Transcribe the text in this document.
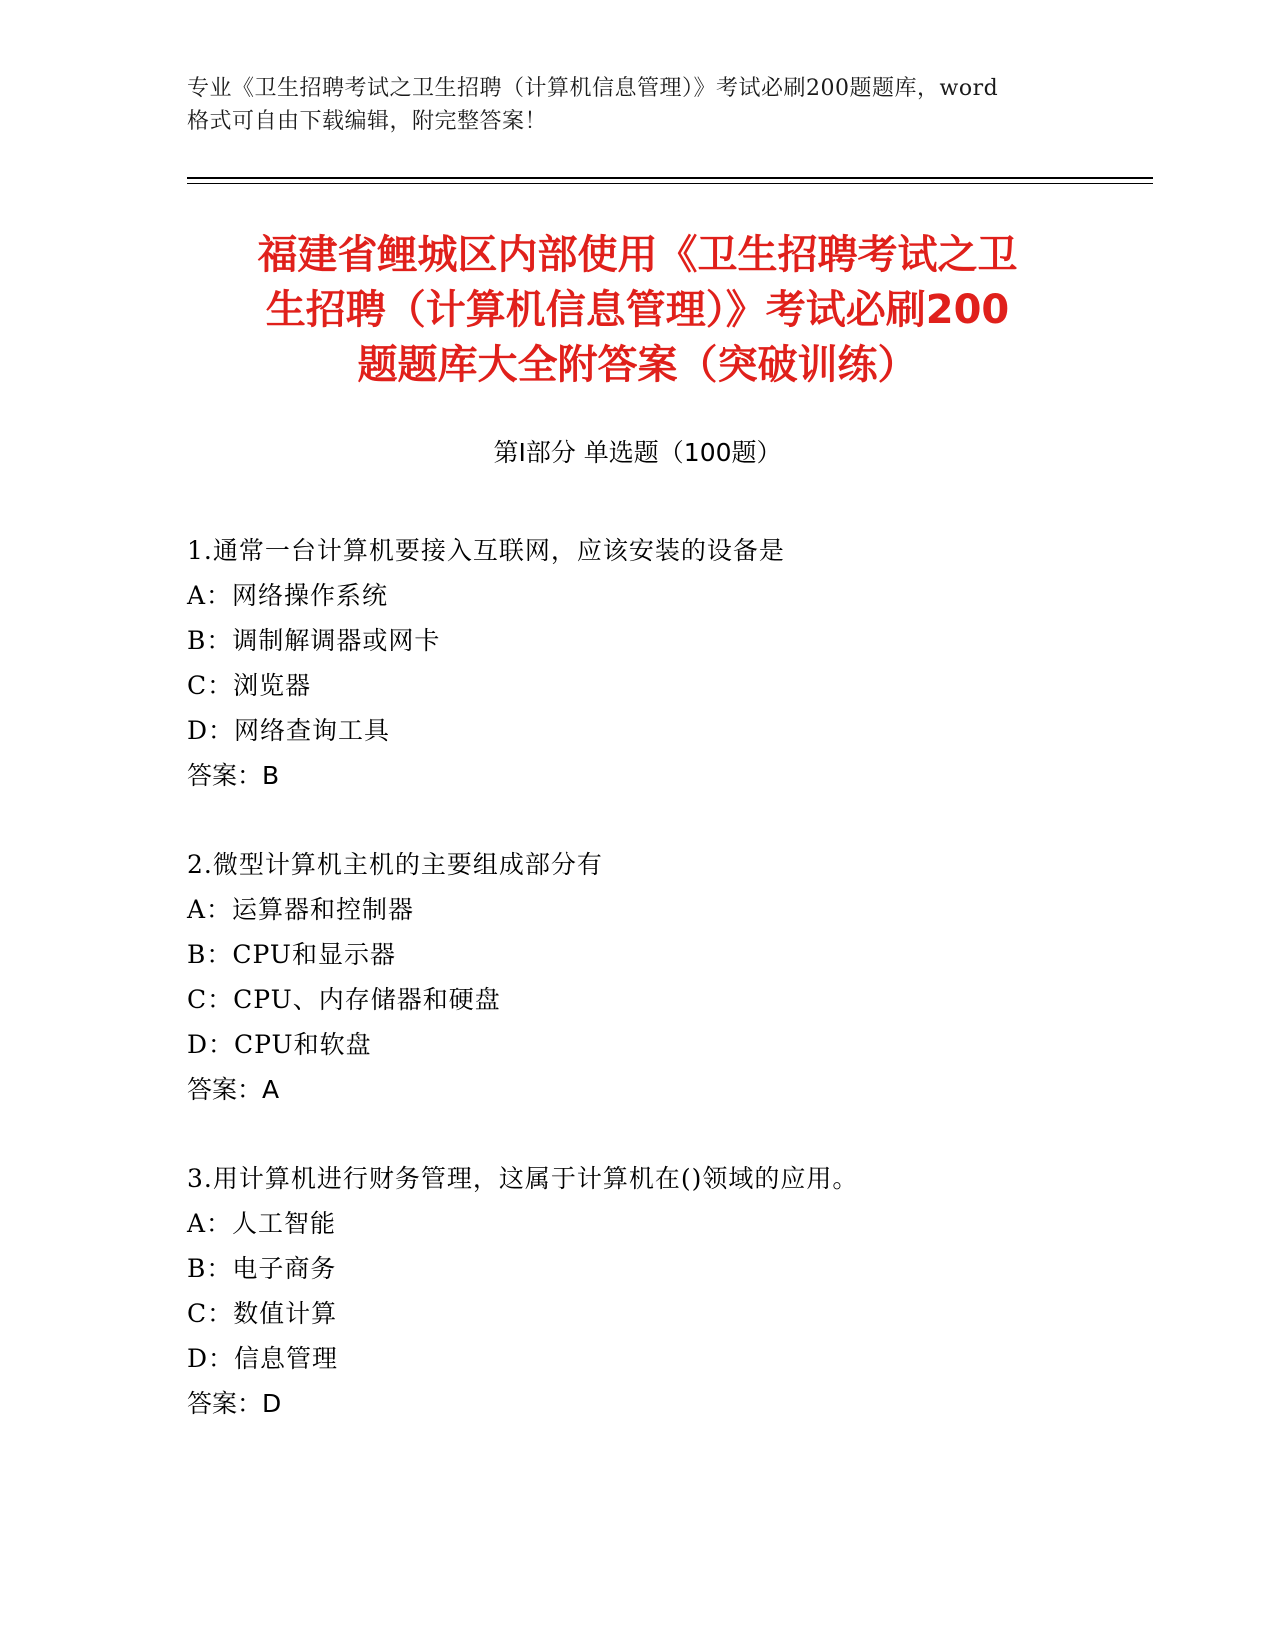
专业《卫生招聘考试之卫生招聘（计算机信息管理）》考试必刷200题题库，word
格式可自由下载编辑，附完整答案！
福建省鲤城区内部使用《卫生招聘考试之卫
生招聘（计算机信息管理）》考试必刷200
题题库大全附答案（突破训练）
第Ⅰ部分 单选题（100题）
1.通常一台计算机要接入互联网，应该安装的设备是
A：网络操作系统
B：调制解调器或网卡
C：浏览器
D：网络查询工具
答案：B
2.微型计算机主机的主要组成部分有
A：运算器和控制器
B：CPU和显示器
C：CPU、内存储器和硬盘
D：CPU和软盘
答案：A
3.用计算机进行财务管理，这属于计算机在()领域的应用。
A：人工智能
B：电子商务
C：数值计算
D：信息管理
答案：D
